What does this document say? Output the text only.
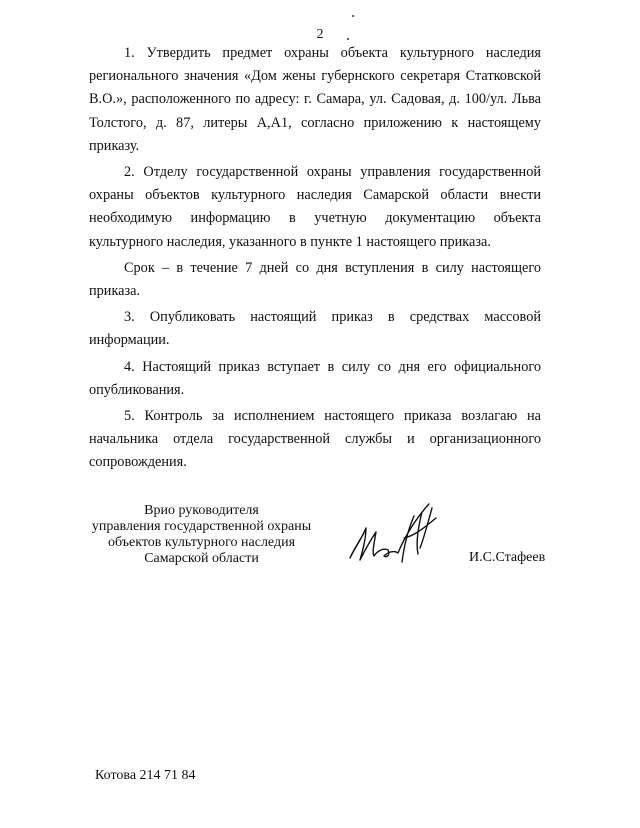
2

1. Утвердить предмет охраны объекта культурного наследия регионального значения «Дом жены губернского секретаря Статковской В.О.», расположенного по адресу: г. Самара, ул. Садовая, д. 100/ул. Льва Толстого, д. 87, литеры А,А1, согласно приложению к настоящему приказу.

2. Отделу государственной охраны управления государственной охраны объектов культурного наследия Самарской области внести необходимую информацию в учетную документацию объекта культурного наследия, указанного в пункте 1 настоящего приказа.

Срок – в течение 7 дней со дня вступления в силу настоящего приказа.

3. Опубликовать настоящий приказ в средствах массовой информации.

4. Настоящий приказ вступает в силу со дня его официального опубликования.

5. Контроль за исполнением настоящего приказа возлагаю на начальника отдела государственной службы и организационного сопровождения.

Врио руководителя
управления государственной охраны
объектов культурного наследия
Самарской области	И.С.Стафеев
Котова 214 71 84
